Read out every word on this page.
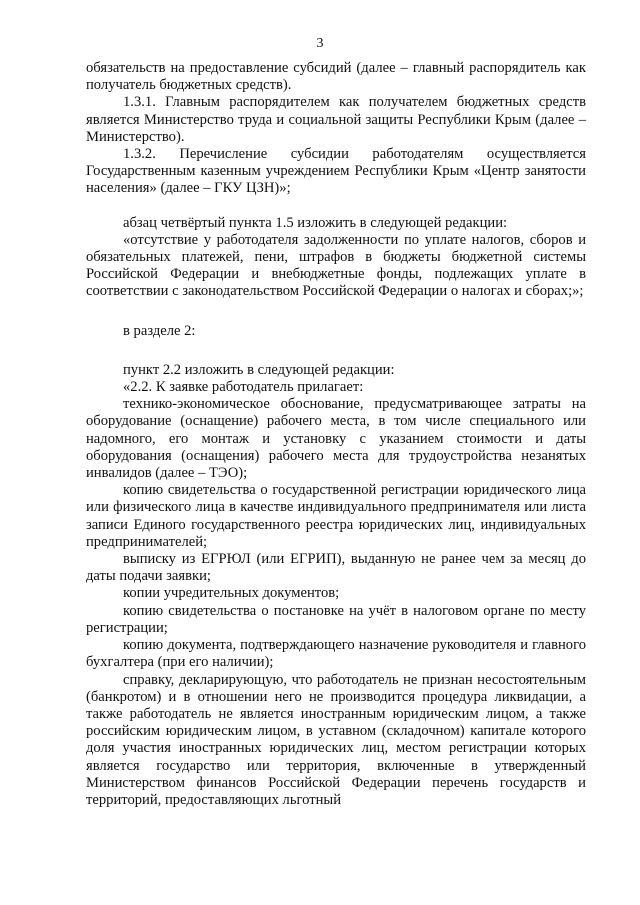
3

обязательств на предоставление субсидий (далее – главный распорядитель как получатель бюджетных средств).

1.3.1. Главным распорядителем как получателем бюджетных средств является Министерство труда и социальной защиты Республики Крым (далее – Министерство).

1.3.2. Перечисление субсидии работодателям осуществляется Государственным казенным учреждением Республики Крым «Центр занятости населения» (далее – ГКУ ЦЗН)»;

абзац четвёртый пункта 1.5 изложить в следующей редакции:

«отсутствие у работодателя задолженности по уплате налогов, сборов и обязательных платежей, пени, штрафов в бюджеты бюджетной системы Российской Федерации и внебюджетные фонды, подлежащих уплате в соответствии с законодательством Российской Федерации о налогах и сборах;»;

в разделе 2:

пункт 2.2 изложить в следующей редакции:

«2.2. К заявке работодатель прилагает:

технико-экономическое обоснование, предусматривающее затраты на оборудование (оснащение) рабочего места, в том числе специального или надомного, его монтаж и установку с указанием стоимости и даты оборудования (оснащения) рабочего места для трудоустройства незанятых инвалидов (далее – ТЭО);

копию свидетельства о государственной регистрации юридического лица или физического лица в качестве индивидуального предпринимателя или листа записи Единого государственного реестра юридических лиц, индивидуальных предпринимателей;

выписку из ЕГРЮЛ (или ЕГРИП), выданную не ранее чем за месяц до даты подачи заявки;

копии учредительных документов;

копию свидетельства о постановке на учёт в налоговом органе по месту регистрации;

копию документа, подтверждающего назначение руководителя и главного бухгалтера (при его наличии);

справку, декларирующую, что работодатель не признан несостоятельным (банкротом) и в отношении него не производится процедура ликвидации, а также работодатель не является иностранным юридическим лицом, а также российским юридическим лицом, в уставном (складочном) капитале которого доля участия иностранных юридических лиц, местом регистрации которых является государство или территория, включенные в утвержденный Министерством финансов Российской Федерации перечень государств и территорий, предоставляющих льготный
